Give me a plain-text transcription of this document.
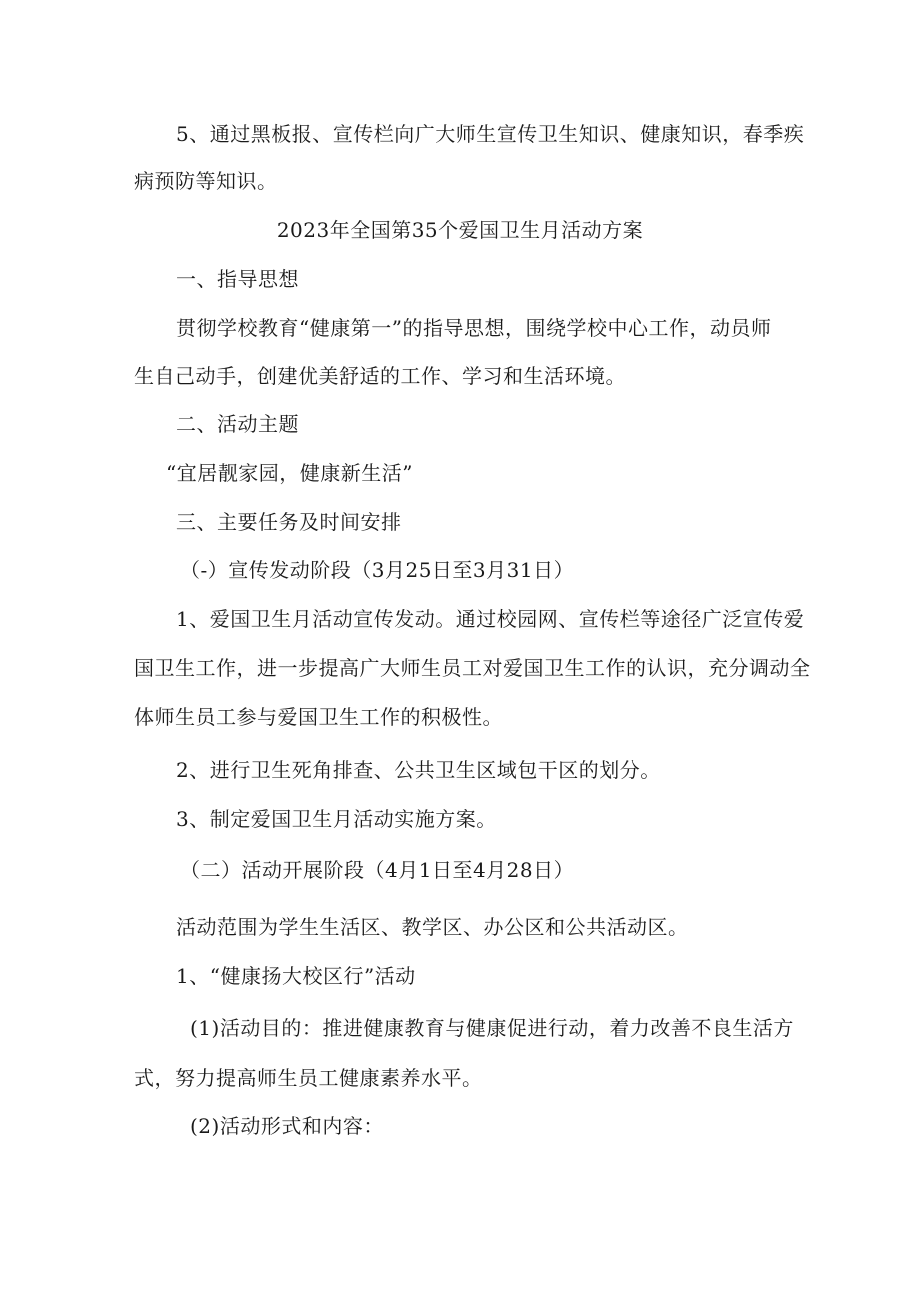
5、通过黑板报、宣传栏向广大师生宣传卫生知识、健康知识，春季疾
病预防等知识。
2023年全国第35个爱国卫生月活动方案
一、指导思想
贯彻学校教育“健康第一”的指导思想，围绕学校中心工作，动员师
生自己动手，创建优美舒适的工作、学习和生活环境。
二、活动主题
“宜居靓家园，健康新生活”
三、主要任务及时间安排
（-）宣传发动阶段（3月25日至3月31日）
1、爱国卫生月活动宣传发动。通过校园网、宣传栏等途径广泛宣传爱
国卫生工作，进一步提高广大师生员工对爱国卫生工作的认识，充分调动全
体师生员工参与爱国卫生工作的积极性。
2、进行卫生死角排查、公共卫生区域包干区的划分。
3、制定爱国卫生月活动实施方案。
（二）活动开展阶段（4月1日至4月28日）
活动范围为学生生活区、教学区、办公区和公共活动区。
1、“健康扬大校区行”活动
(1)活动目的：推进健康教育与健康促进行动，着力改善不良生活方
式，努力提高师生员工健康素养水平。
(2)活动形式和内容：
